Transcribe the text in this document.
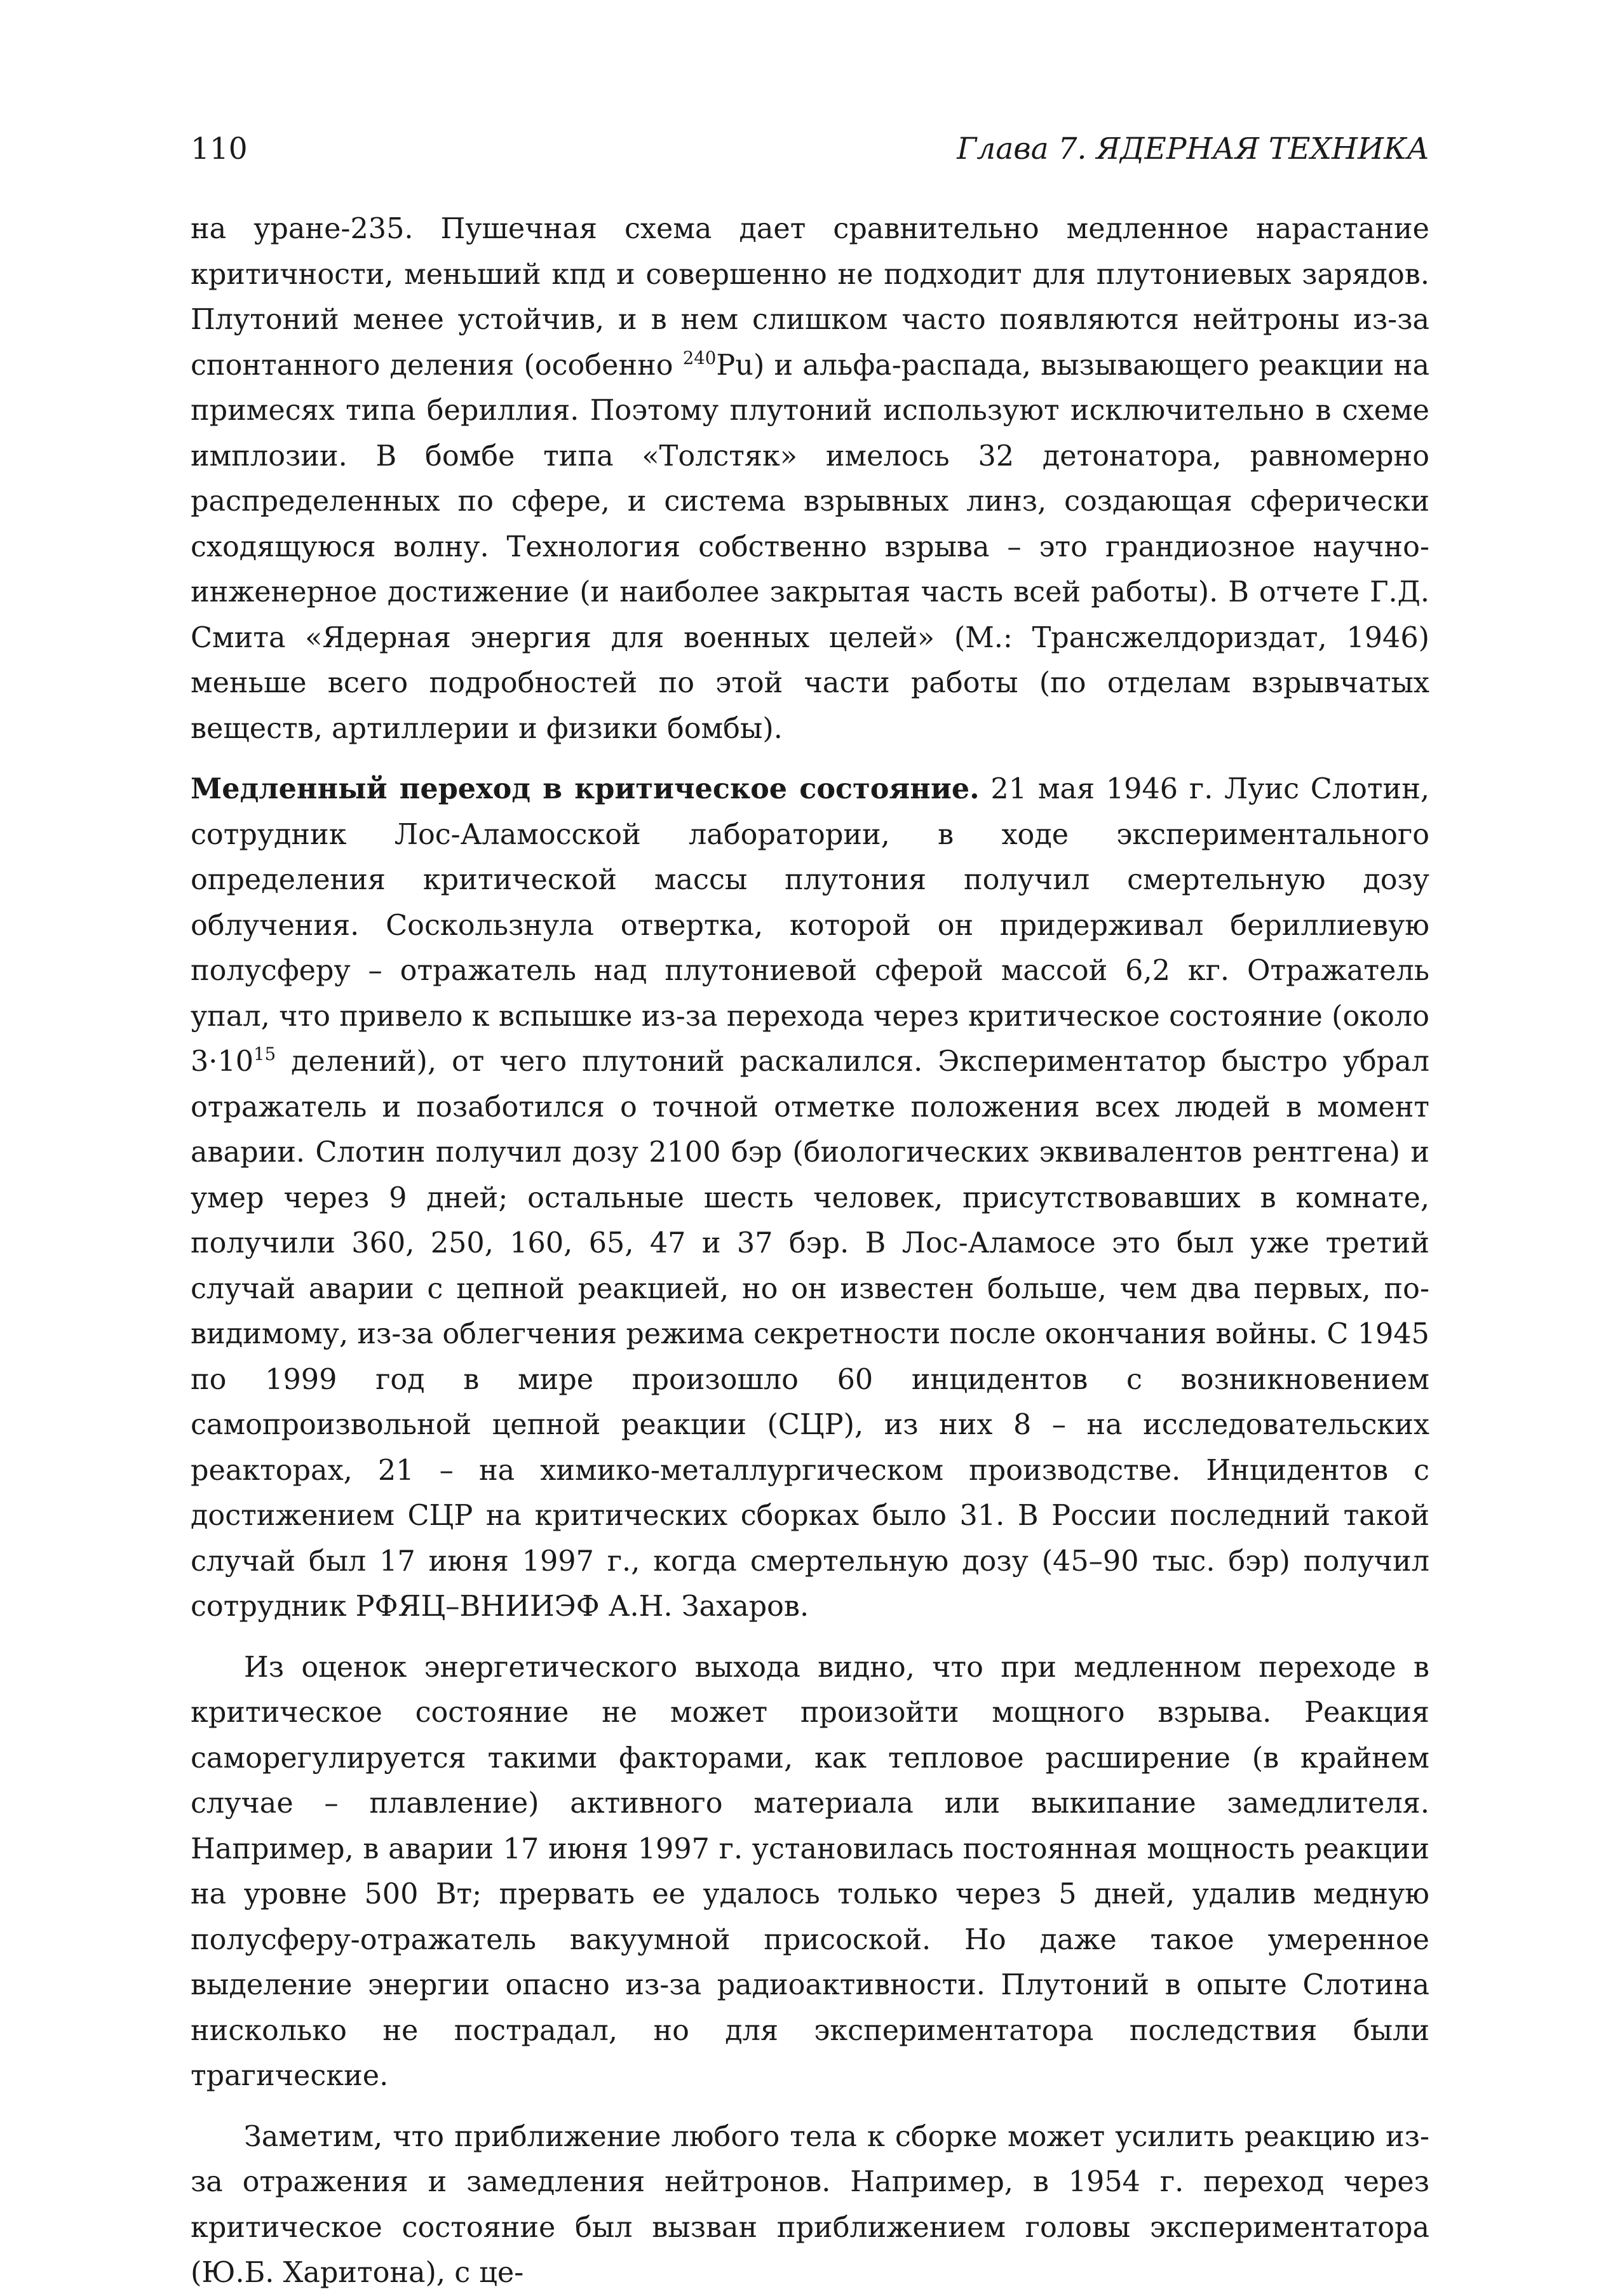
110	Глава 7. ЯДЕРНАЯ ТЕХНИКА

на уране-235. Пушечная схема дает сравнительно медленное нарастание критичности, меньший кпд и совершенно не подходит для плутониевых зарядов. Плутоний менее устойчив, и в нем слишком часто появляются нейтроны из-за спонтанного деления (особенно $^{240}$Pu) и альфа-распада, вызывающего реакции на примесях типа бериллия. Поэтому плутоний используют исключительно в схеме имплозии. В бомбе типа «Толстяк» имелось 32 детонатора, равномерно распределенных по сфере, и система взрывных линз, создающая сферически сходящуюся волну. Технология собственно взрыва – это грандиозное научно-инженерное достижение (и наиболее закрытая часть всей работы). В отчете Г.Д. Смита «Ядерная энергия для военных целей» (М.: Трансжелдориздат, 1946) меньше всего подробностей по этой части работы (по отделам взрывчатых веществ, артиллерии и физики бомбы).

Медленный переход в критическое состояние. 21 мая 1946 г. Луис Слотин, сотрудник Лос-Аламосской лаборатории, в ходе экспериментального определения критической массы плутония получил смертельную дозу облучения. Соскользнула отвертка, которой он придерживал бериллиевую полусферу – отражатель над плутониевой сферой массой 6,2 кг. Отражатель упал, что привело к вспышке из-за перехода через критическое состояние (около $3\cdot 10^{15}$ делений), от чего плутоний раскалился. Экспериментатор быстро убрал отражатель и позаботился о точной отметке положения всех людей в момент аварии. Слотин получил дозу 2100 бэр (биологических эквивалентов рентгена) и умер через 9 дней; остальные шесть человек, присутствовавших в комнате, получили 360, 250, 160, 65, 47 и 37 бэр. В Лос-Аламосе это был уже третий случай аварии с цепной реакцией, но он известен больше, чем два первых, по-видимому, из-за облегчения режима секретности после окончания войны. С 1945 по 1999 год в мире произошло 60 инцидентов с возникновением самопроизвольной цепной реакции (СЦР), из них 8 – на исследовательских реакторах, 21 – на химико-металлургическом производстве. Инцидентов с достижением СЦР на критических сборках было 31. В России последний такой случай был 17 июня 1997 г., когда смертельную дозу (45–90 тыс. бэр) получил сотрудник РФЯЦ–ВНИИЭФ А.Н. Захаров.

Из оценок энергетического выхода видно, что при медленном переходе в критическое состояние не может произойти мощного взрыва. Реакция саморегулируется такими факторами, как тепловое расширение (в крайнем случае – плавление) активного материала или выкипание замедлителя. Например, в аварии 17 июня 1997 г. установилась постоянная мощность реакции на уровне 500 Вт; прервать ее удалось только через 5 дней, удалив медную полусферу-отражатель вакуумной присоской. Но даже такое умеренное выделение энергии опасно из-за радиоактивности. Плутоний в опыте Слотина нисколько не пострадал, но для экспериментатора последствия были трагические.

Заметим, что приближение любого тела к сборке может усилить реакцию из-за отражения и замедления нейтронов. Например, в 1954 г. переход через критическое состояние был вызван приближением головы экспериментатора (Ю.Б. Харитона), с це-
